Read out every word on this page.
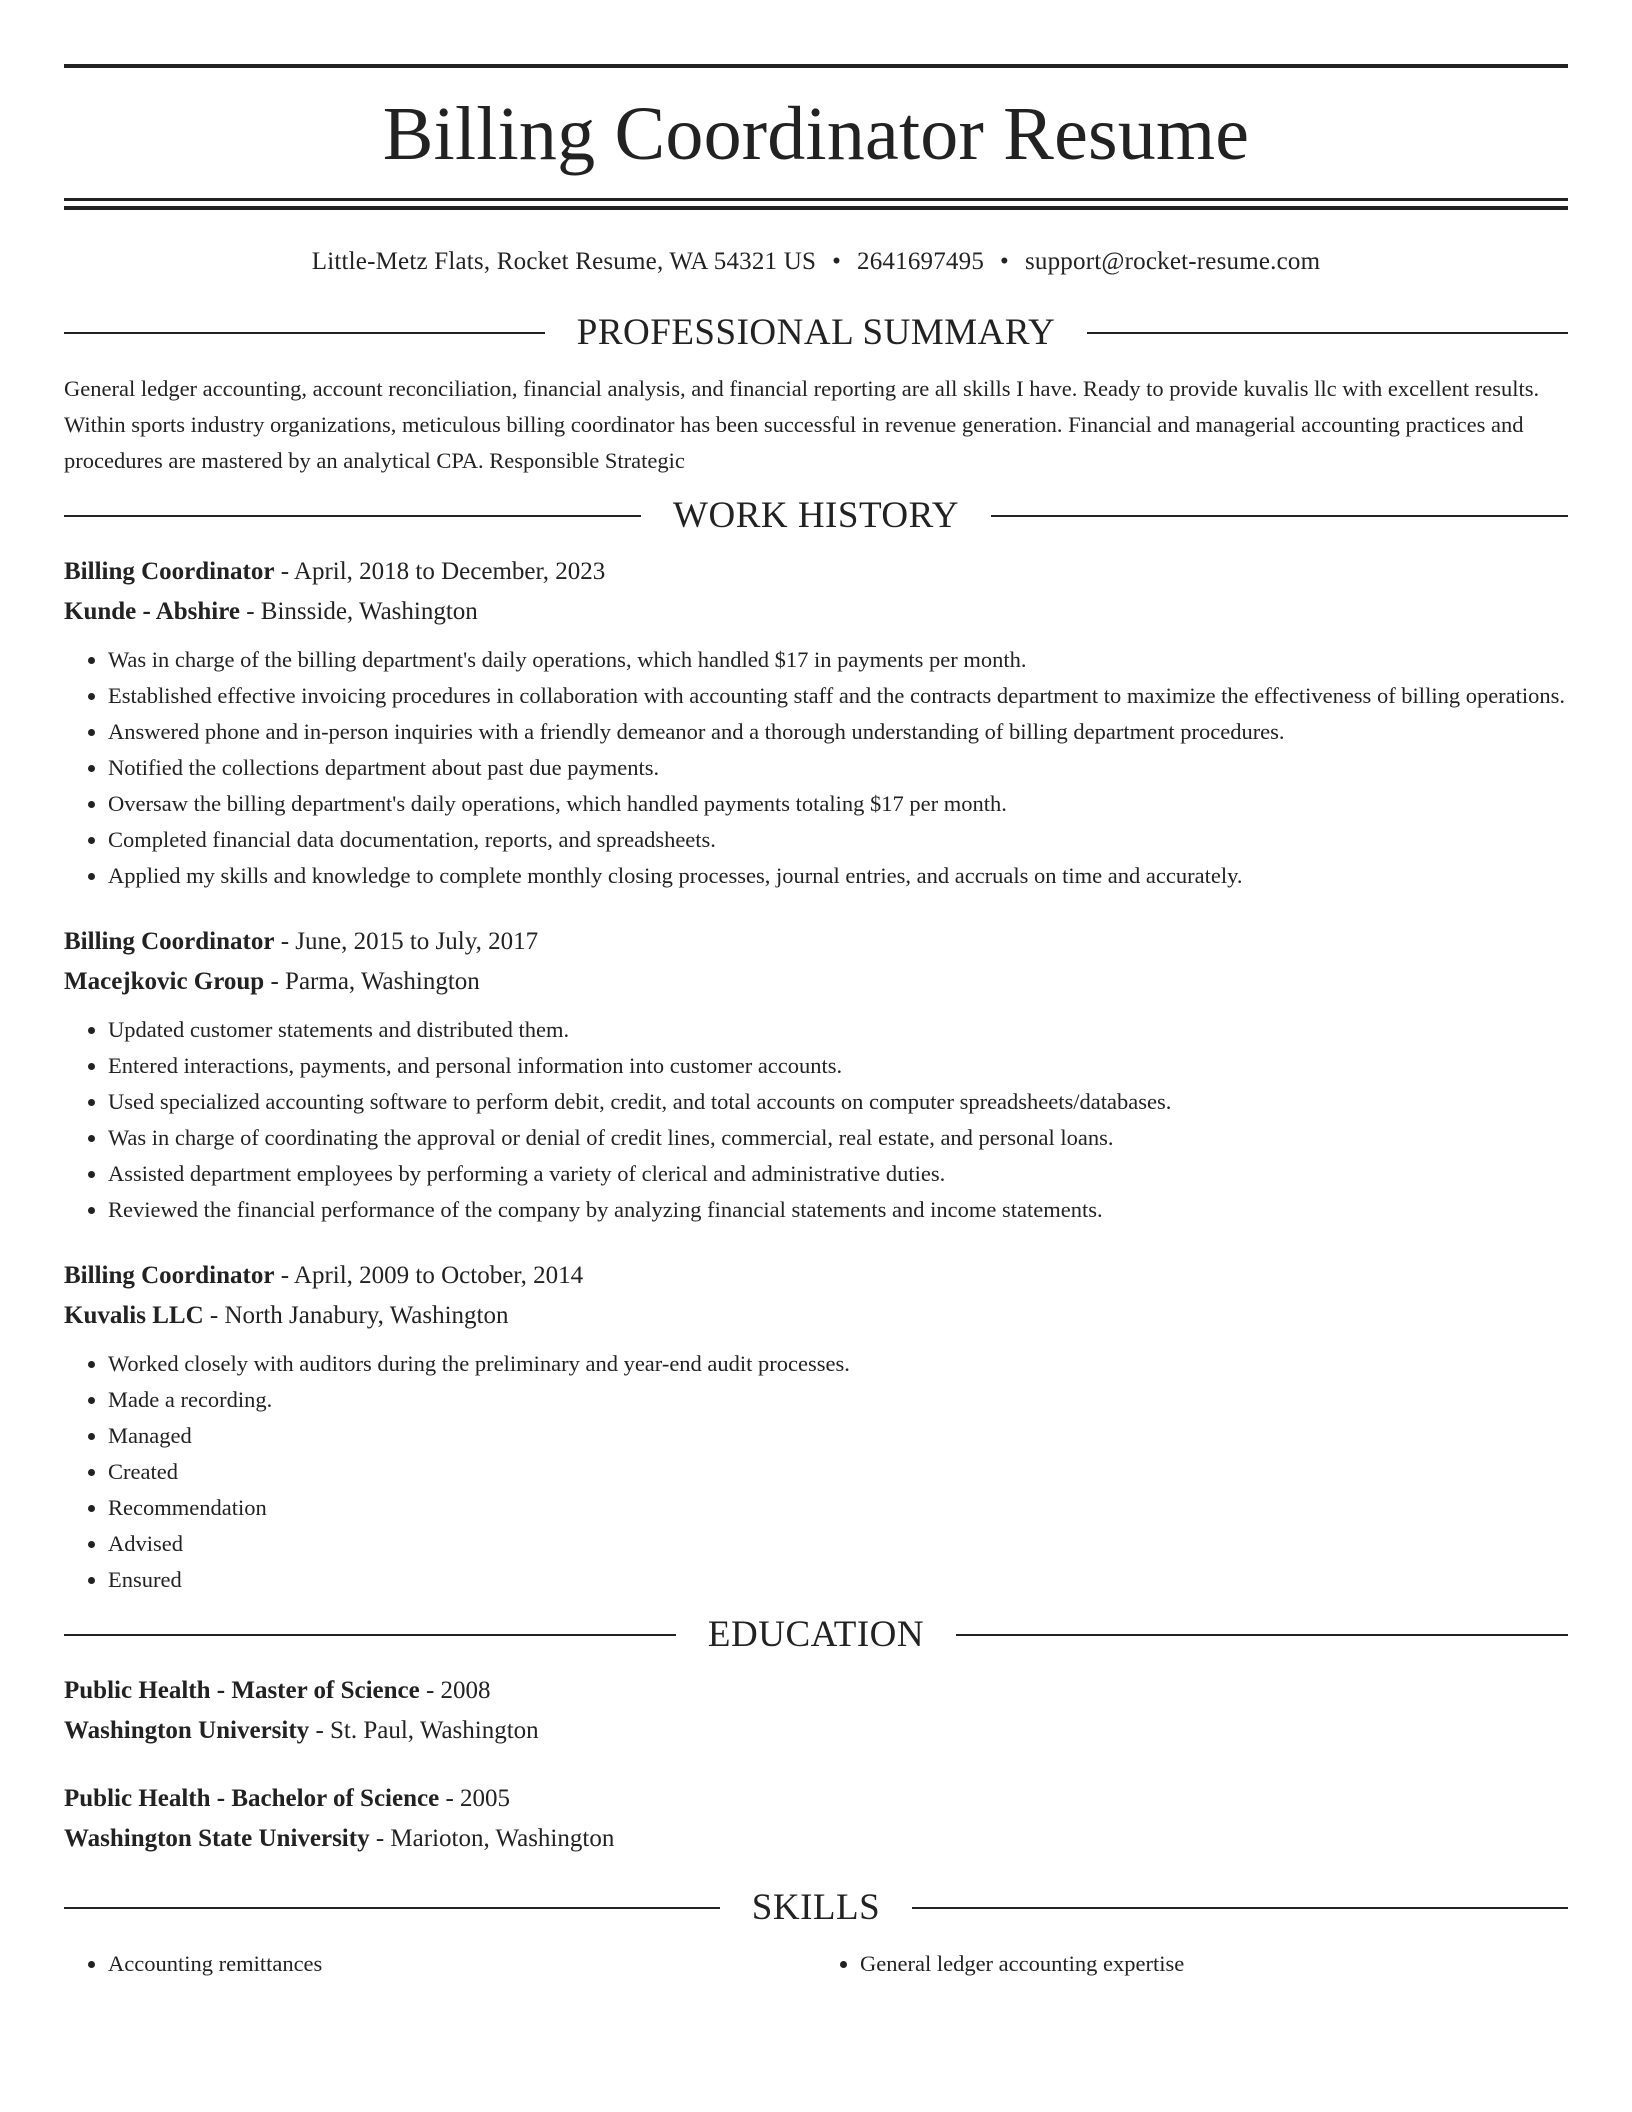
Billing Coordinator Resume
Little-Metz Flats, Rocket Resume, WA 54321 US • 2641697495 • support@rocket-resume.com
PROFESSIONAL SUMMARY

General ledger accounting, account reconciliation, financial analysis, and financial reporting are all skills I have. Ready to provide kuvalis llc with excellent results. Within sports industry organizations, meticulous billing coordinator has been successful in revenue generation. Financial and managerial accounting practices and procedures are mastered by an analytical CPA. Responsible Strategic

WORK HISTORY
Billing Coordinator - April, 2018 to December, 2023
Kunde - Abshire - Binsside, Washington
• Was in charge of the billing department's daily operations, which handled $17 in payments per month.
• Established effective invoicing procedures in collaboration with accounting staff and the contracts department to maximize the effectiveness of billing operations.
• Answered phone and in-person inquiries with a friendly demeanor and a thorough understanding of billing department procedures.
• Notified the collections department about past due payments.
• Oversaw the billing department's daily operations, which handled payments totaling $17 per month.
• Completed financial data documentation, reports, and spreadsheets.
• Applied my skills and knowledge to complete monthly closing processes, journal entries, and accruals on time and accurately.
Billing Coordinator - June, 2015 to July, 2017
Macejkovic Group - Parma, Washington
• Updated customer statements and distributed them.
• Entered interactions, payments, and personal information into customer accounts.
• Used specialized accounting software to perform debit, credit, and total accounts on computer spreadsheets/databases.
• Was in charge of coordinating the approval or denial of credit lines, commercial, real estate, and personal loans.
• Assisted department employees by performing a variety of clerical and administrative duties.
• Reviewed the financial performance of the company by analyzing financial statements and income statements.
Billing Coordinator - April, 2009 to October, 2014
Kuvalis LLC - North Janabury, Washington
• Worked closely with auditors during the preliminary and year-end audit processes.
• Made a recording.
• Managed
• Created
• Recommendation
• Advised
• Ensured
EDUCATION
Public Health - Master of Science - 2008
Washington University - St. Paul, Washington
Public Health - Bachelor of Science - 2005
Washington State University - Marioton, Washington
SKILLS
• Accounting remittances
•	General ledger accounting expertise
